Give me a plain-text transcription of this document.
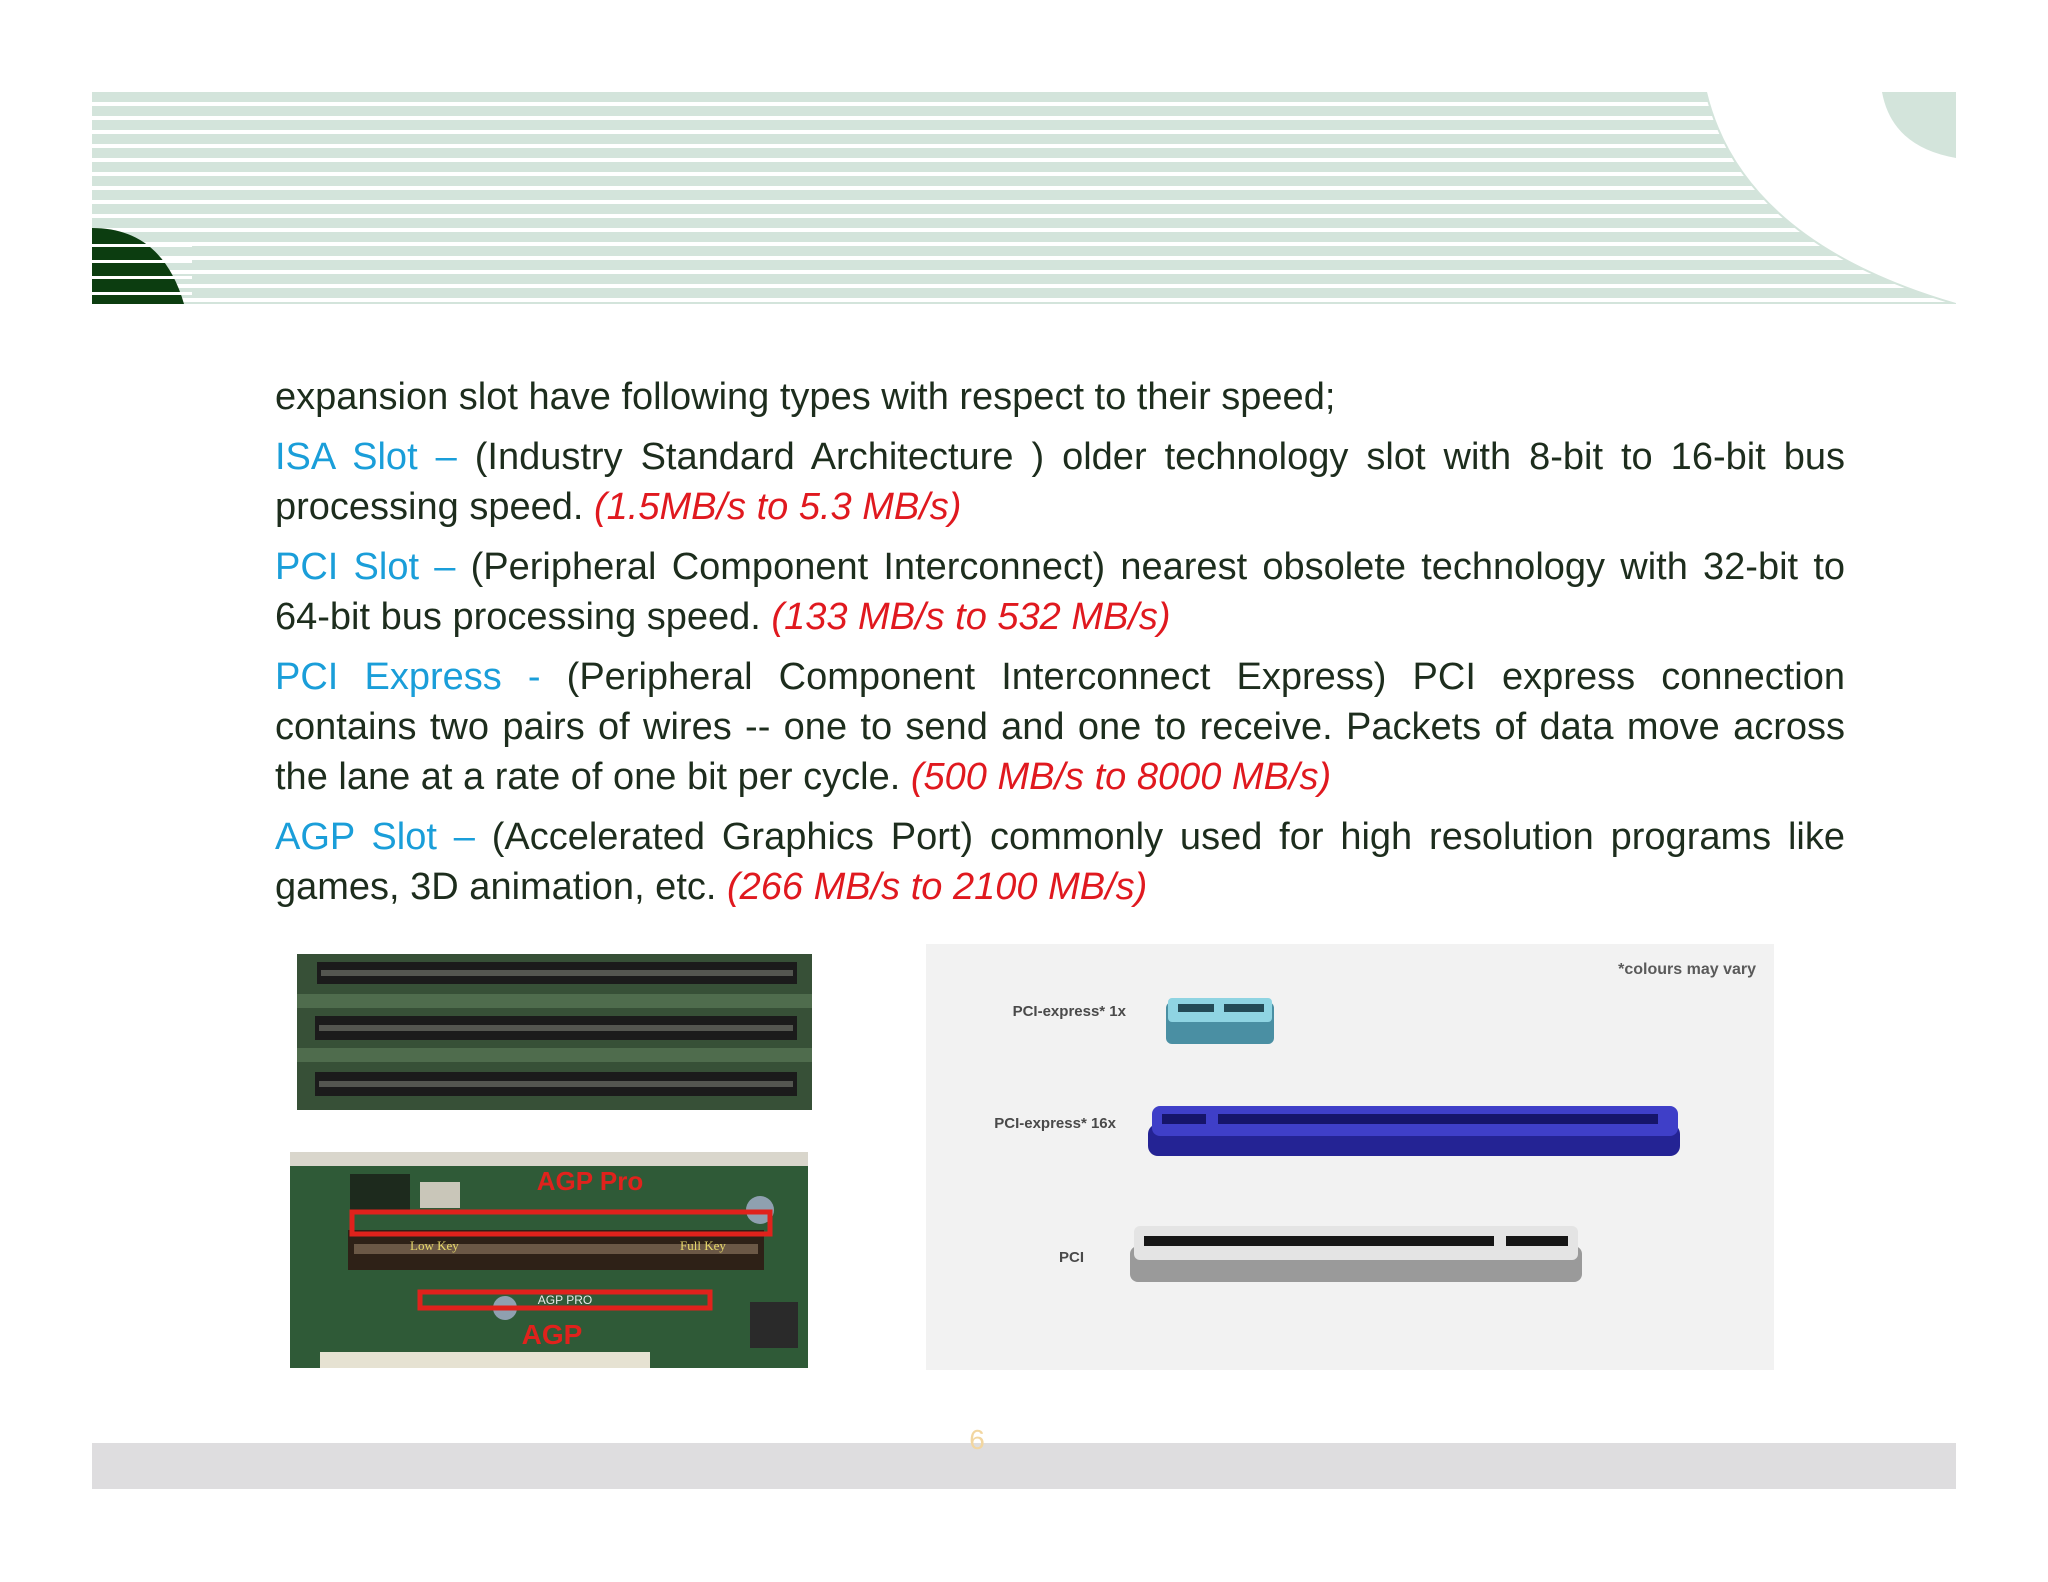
expansion slot have following types with respect to their speed;

ISA Slot – (Industry Standard Architecture ) older technology slot with 8-bit to 16-bit bus processing speed. (1.5MB/s to 5.3 MB/s)

PCI Slot – (Peripheral Component Interconnect) nearest obsolete technology with 32-bit to 64-bit bus processing speed. (133 MB/s to 532 MB/s)

PCI Express - (Peripheral Component Interconnect Express) PCI express connection contains two pairs of wires -- one to send and one to receive. Packets of data move across the lane at a rate of one bit per cycle. (500 MB/s to 8000 MB/s)

AGP Slot – (Accelerated Graphics Port) commonly used for high resolution programs like games, 3D animation, etc. (266 MB/s to 2100 MB/s)

AGP Pro
Low Key	Full Key
AGP PRO
AGP
*colours may vary
PCI-express* 1x
PCI-express* 16x
PCI
6
